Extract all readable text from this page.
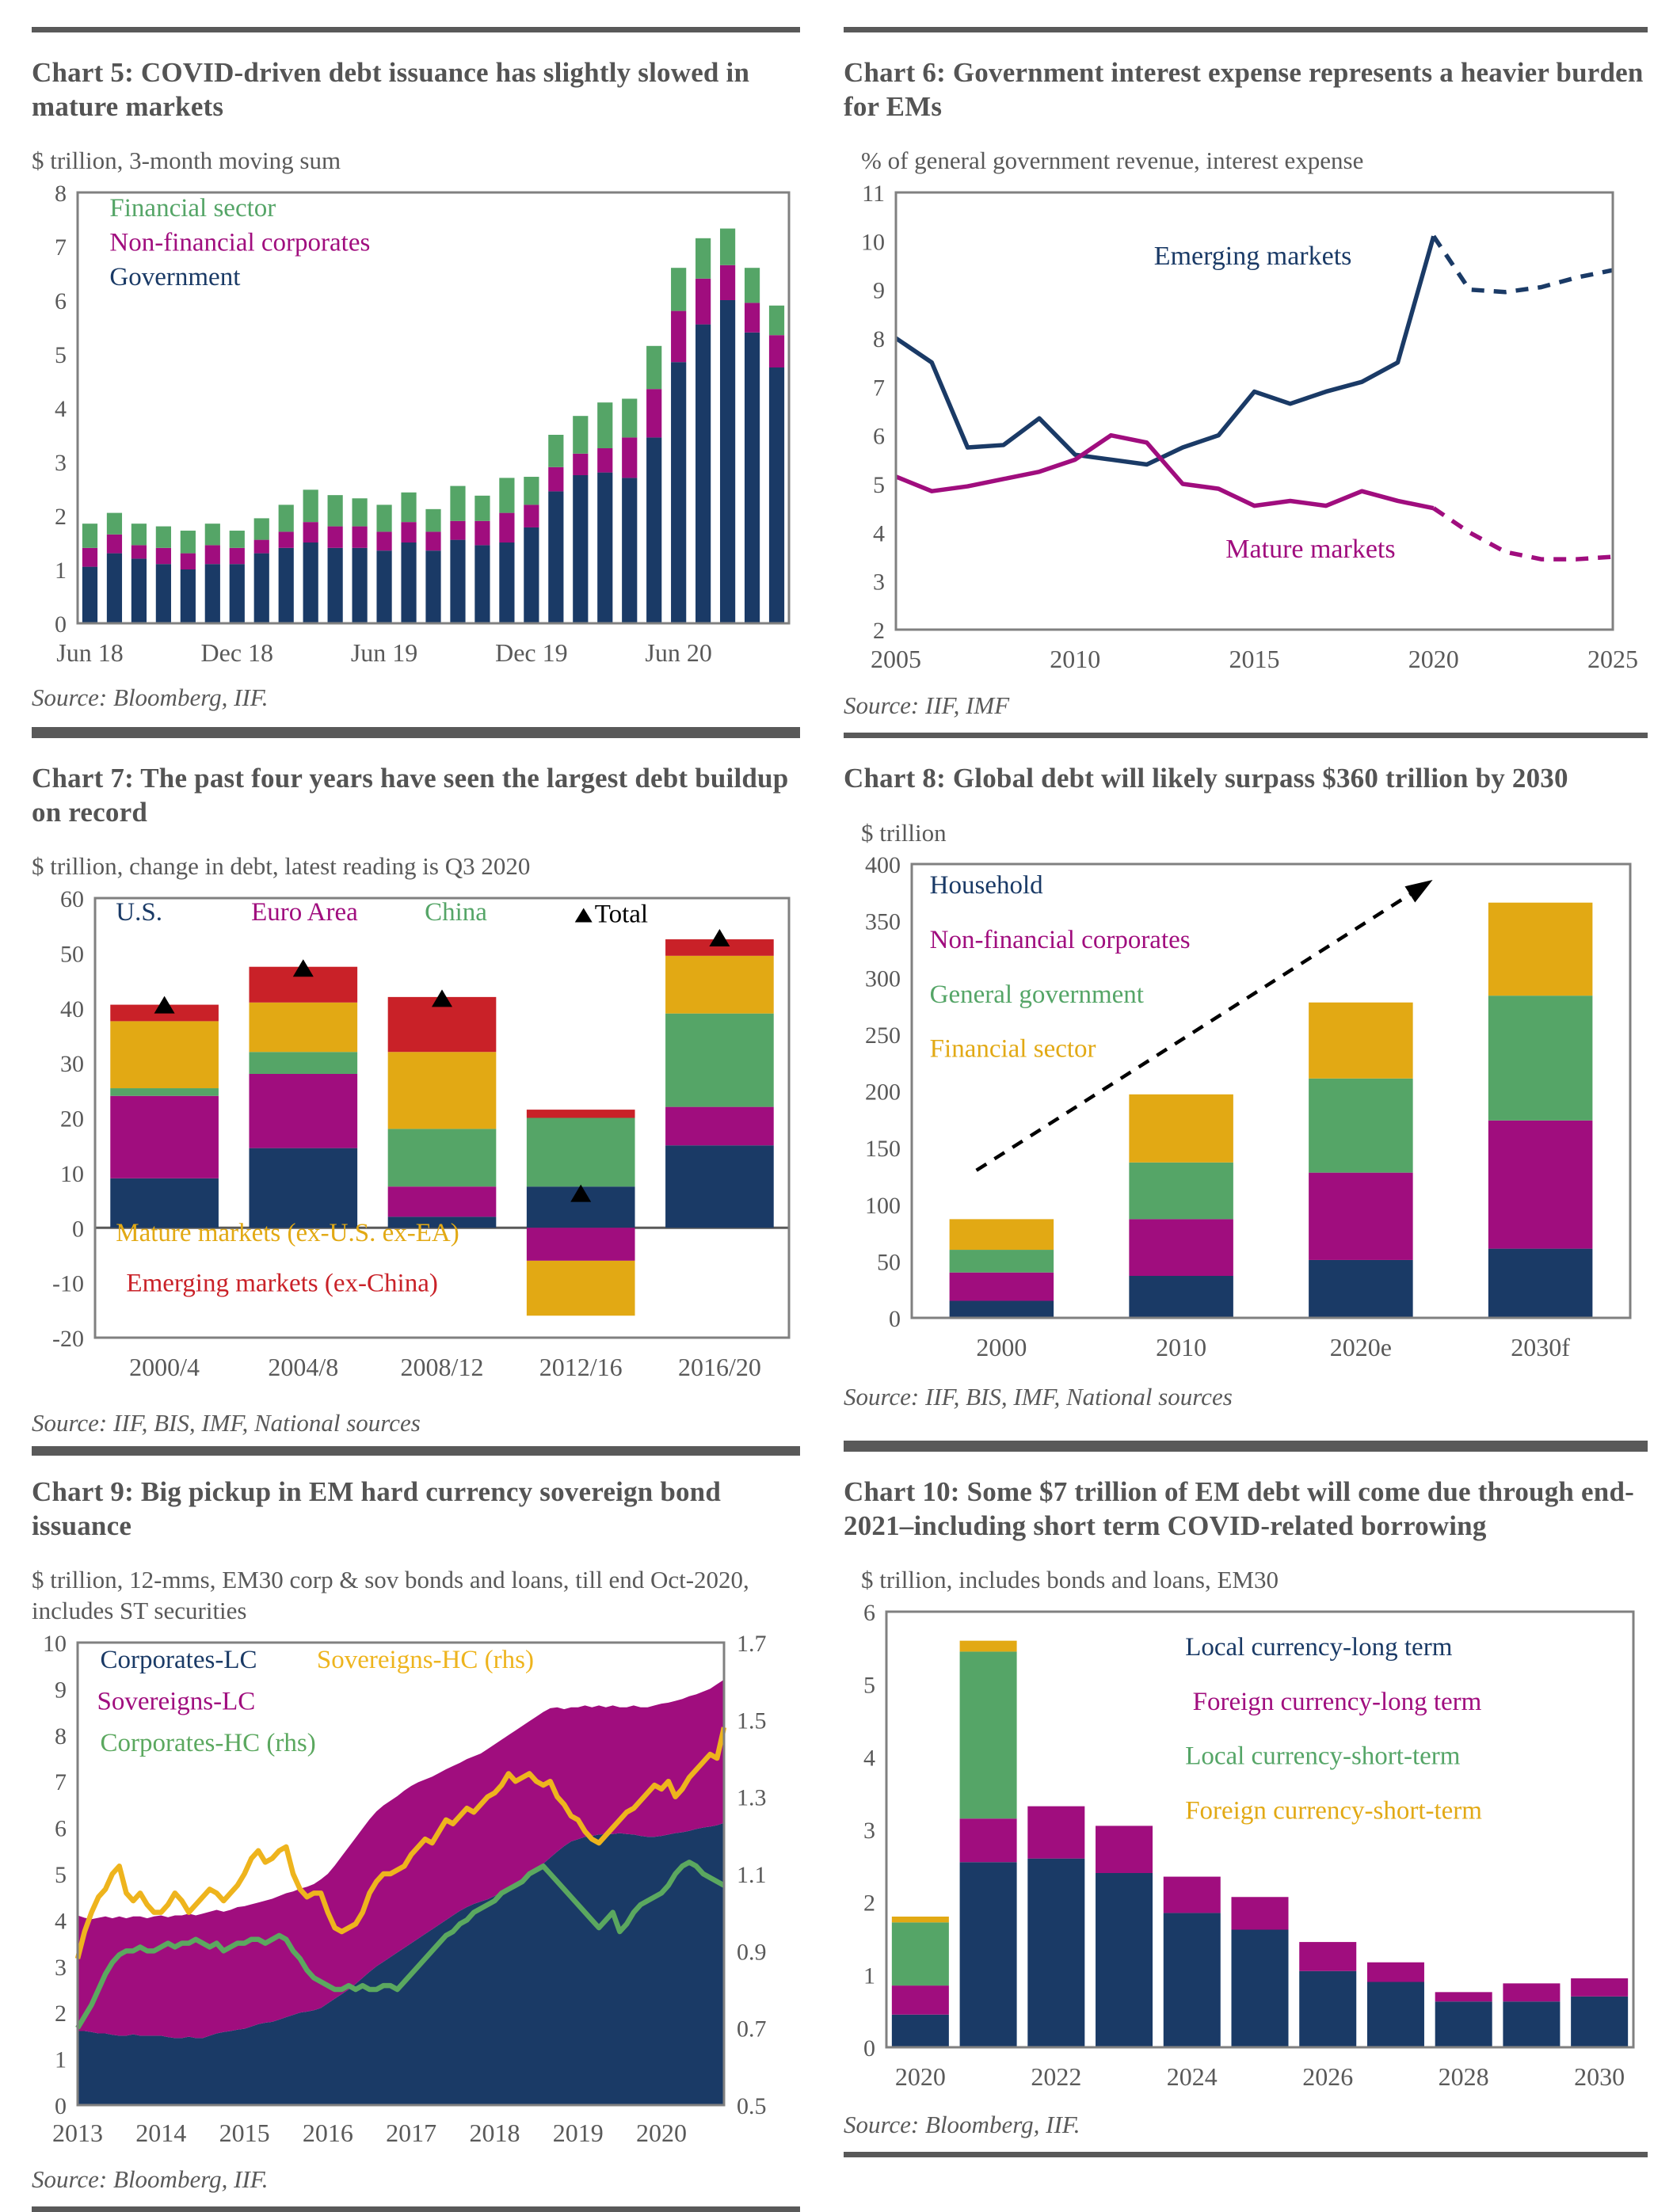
Chart 5: COVID-driven debt issuance has slightly slowed in mature markets

$ trillion, 3-month moving sum

0
1
2
3
4
5
6
7
8
Jun 18	Dec 18	Jun 19	Dec 19	Jun 20
Financial sector
Non-financial corporates
Government

Source: Bloomberg, IIF.

Chart 6: Government interest expense represents a heavier burden for EMs

% of general government revenue, interest expense

2
3
4
5
6
7
8
9
10
11
2005	2010	2015	2020	2025
Emerging markets
Mature markets

Source: IIF, IMF

Chart 7: The past four years have seen the largest debt buildup on record

$ trillion, change in debt, latest reading is Q3 2020

-20
-10
0
10
20
30
40
50
60
2000/4	2004/8 2008/12 2012/16 2016/20
U.S.	Euro Area	China	Total
Mature markets (ex-U.S. ex-EA)
Emerging markets (ex-China)

Source: IIF, BIS, IMF, National sources

Chart 8: Global debt will likely surpass $360 trillion by 2030

$ trillion

0
50
100
150
200
250
300
350
400
2000	2010	2020e	2030f
Household
Non-financial corporates
General government
Financial sector

Source: IIF, BIS, IMF, National sources

Chart 9: Big pickup in EM hard currency sovereign bond issuance

$ trillion, 12-mms, EM30 corp & sov bonds and loans, till end Oct-2020, includes ST securities

0
1
2
3
4
5
6
7
8
9
10
0.5
0.7
0.9
1.1
1.3
1.5
1.7
2013 2014 2015 2016 2017 2018 2019 2020
Corporates-LC Sovereigns-HC (rhs)
Sovereigns-LC
Corporates-HC (rhs)

Source: Bloomberg, IIF.

Chart 10: Some $7 trillion of EM debt will come due through end-2021–including short term COVID-related borrowing

$ trillion, includes bonds and loans, EM30

0
1
2
3
4
5
6
2020	2022	2024	2026	2028	2030
Local currency-long term
Foreign currency-long term
Local currency-short-term
Foreign currency-short-term

Source: Bloomberg, IIF.
